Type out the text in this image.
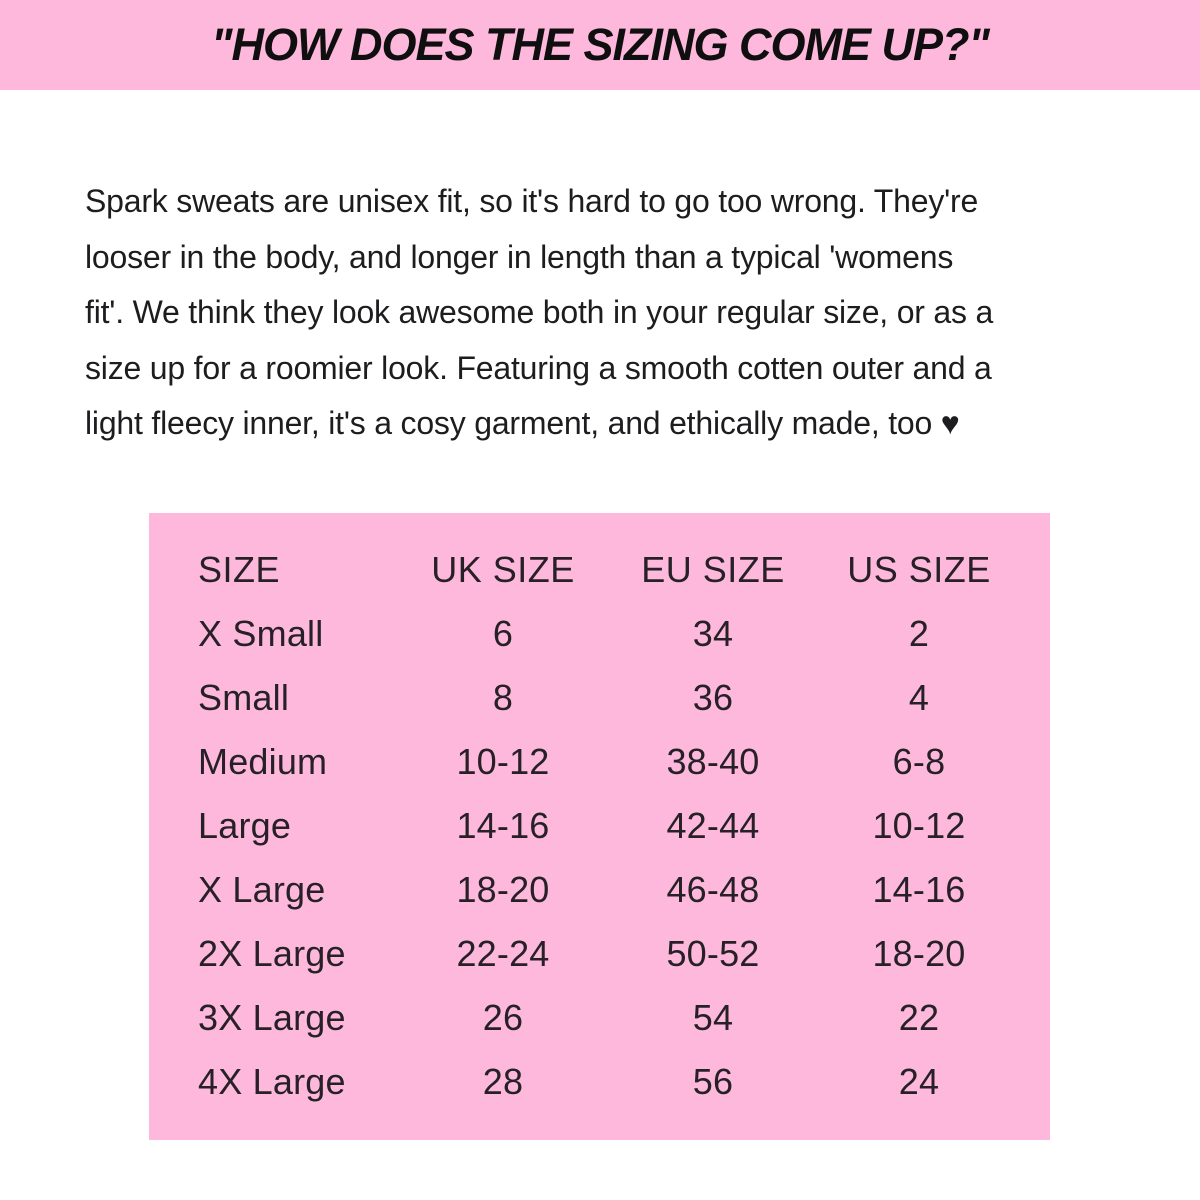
"HOW DOES THE SIZING COME UP?"
Spark sweats are unisex fit, so it's hard to go too wrong. They're
looser in the body, and longer in length than a typical 'womens
fit'. We think they look awesome both in your regular size, or as a
size up for a roomier look. Featuring a smooth cotten outer and a
light fleecy inner, it's a cosy garment, and ethically made, too ♥
SIZE	UK SIZE	EU SIZE	US SIZE
X Small	6	34	2
Small	8	36	4
Medium	10-12	38-40	6-8
Large	14-16	42-44	10-12
X Large	18-20	46-48	14-16
2X Large	22-24	50-52	18-20
3X Large	26	54	22
4X Large	28	56	24
